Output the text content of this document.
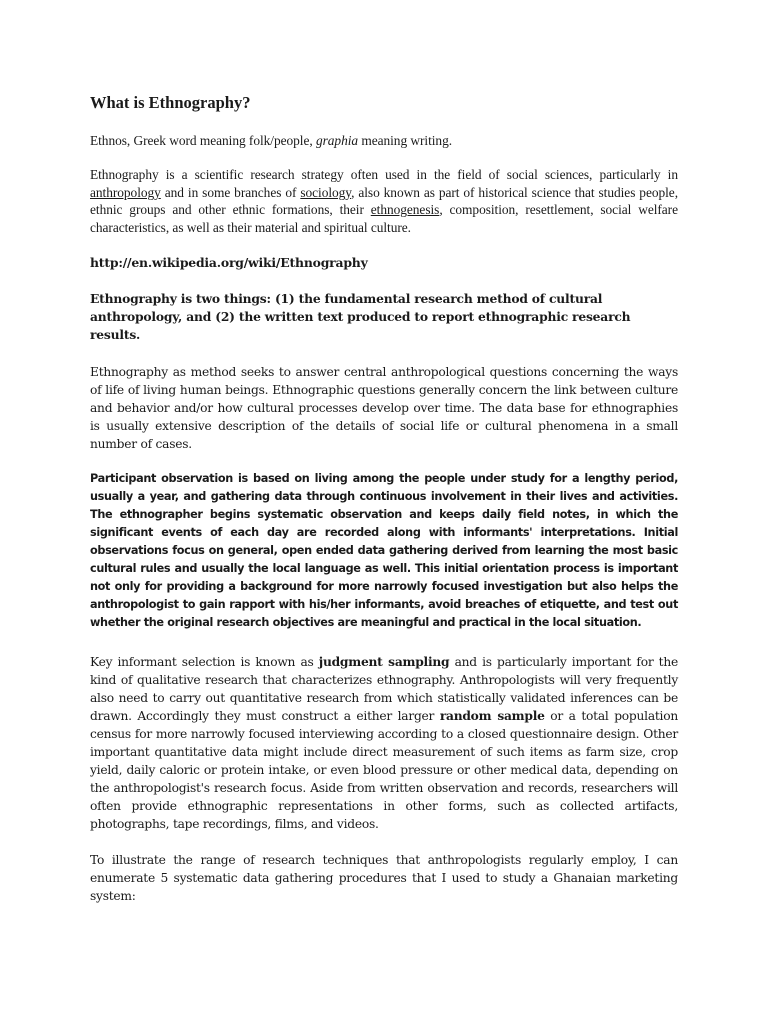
What is Ethnography?

Ethnos, Greek word meaning folk/people, graphia meaning writing.

Ethnography is a scientific research strategy often used in the field of social sciences, particularly in anthropology and in some branches of sociology, also known as part of historical science that studies people, ethnic groups and other ethnic formations, their ethnogenesis, composition, resettlement, social welfare characteristics, as well as their material and spiritual culture.

http://en.wikipedia.org/wiki/Ethnography

Ethnography is two things: (1) the fundamental research method of cultural anthropology, and (2) the written text produced to report ethnographic research results.

Ethnography as method seeks to answer central anthropological questions concerning the ways of life of living human beings. Ethnographic questions generally concern the link between culture and behavior and/or how cultural processes develop over time. The data base for ethnographies is usually extensive description of the details of social life or cultural phenomena in a small number of cases.

Participant observation is based on living among the people under study for a lengthy period, usually a year, and gathering data through continuous involvement in their lives and activities. The ethnographer begins systematic observation and keeps daily field notes, in which the significant events of each day are recorded along with informants' interpretations. Initial observations focus on general, open ended data gathering derived from learning the most basic cultural rules and usually the local language as well. This initial orientation process is important not only for providing a background for more narrowly focused investigation but also helps the anthropologist to gain rapport with his/her informants, avoid breaches of etiquette, and test out whether the original research objectives are meaningful and practical in the local situation.

Key informant selection is known as judgment sampling and is particularly important for the kind of qualitative research that characterizes ethnography. Anthropologists will very frequently also need to carry out quantitative research from which statistically validated inferences can be drawn. Accordingly they must construct a either larger random sample or a total population census for more narrowly focused interviewing according to a closed questionnaire design. Other important quantitative data might include direct measurement of such items as farm size, crop yield, daily caloric or protein intake, or even blood pressure or other medical data, depending on the anthropologist's research focus. Aside from written observation and records, researchers will often provide ethnographic representations in other forms, such as collected artifacts, photographs, tape recordings, films, and videos.

To illustrate the range of research techniques that anthropologists regularly employ, I can enumerate 5 systematic data gathering procedures that I used to study a Ghanaian marketing system:
